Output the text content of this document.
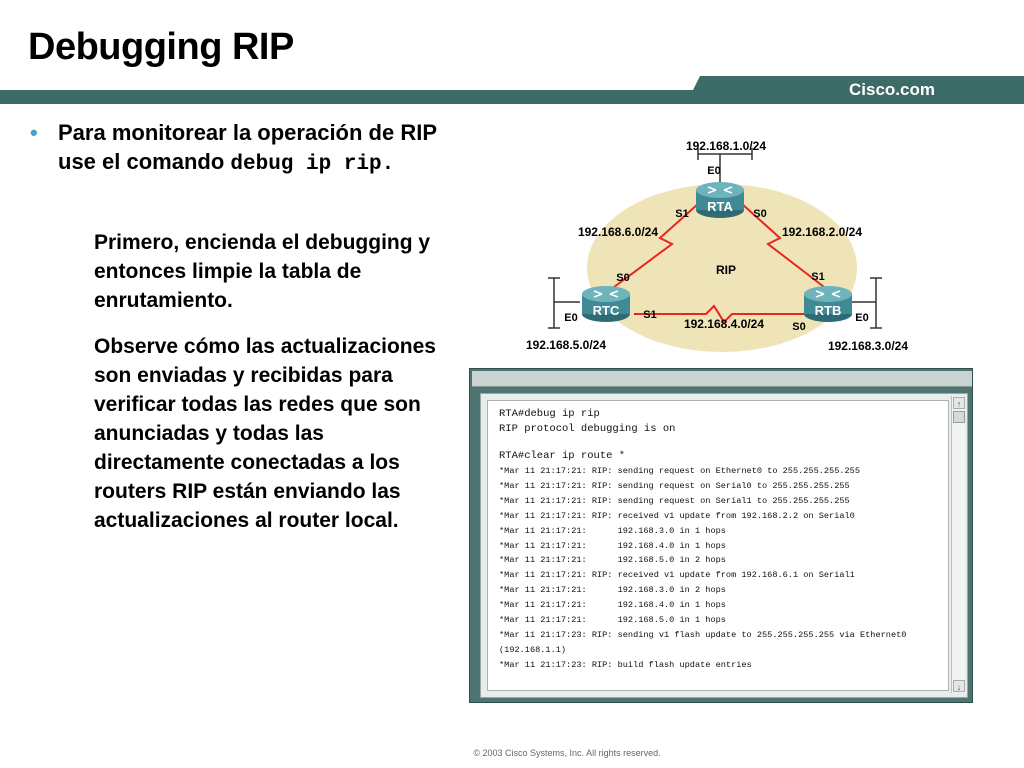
Debugging RIP
Cisco.com
• Para monitorear la operación de RIP use el comando debug ip rip.
Primero, encienda el debugging y entonces limpie la tabla de enrutamiento.
Observe cómo las actualizaciones son enviadas y recibidas para verificar todas las redes que son anunciadas y todas las directamente conectadas a los routers RIP están enviando las actualizaciones al router local.
RTA
RTC	RTB
E0
S1	S0
S0
S1
E0
S1
S0
E0
192.168.1.0/24
192.168.6.0/24	192.168.2.0/24
192.168.4.0/24
192.168.5.0/24	192.168.3.0/24
RIP
RTA#debug ip rip
RIP protocol debugging is on
RTA#clear ip route *
*Mar 11 21:17:21: RIP: sending request on Ethernet0 to 255.255.255.255
*Mar 11 21:17:21: RIP: sending request on Serial0 to 255.255.255.255
*Mar 11 21:17:21: RIP: sending request on Serial1 to 255.255.255.255
*Mar 11 21:17:21: RIP: received v1 update from 192.168.2.2 on Serial0
*Mar 11 21:17:21:      192.168.3.0 in 1 hops
*Mar 11 21:17:21:      192.168.4.0 in 1 hops
*Mar 11 21:17:21:      192.168.5.0 in 2 hops
*Mar 11 21:17:21: RIP: received v1 update from 192.168.6.1 on Serial1
*Mar 11 21:17:21:      192.168.3.0 in 2 hops
*Mar 11 21:17:21:      192.168.4.0 in 1 hops
*Mar 11 21:17:21:      192.168.5.0 in 1 hops
*Mar 11 21:17:23: RIP: sending v1 flash update to 255.255.255.255 via Ethernet0
(192.168.1.1)
*Mar 11 21:17:23: RIP: build flash update entries
↑
↓
© 2003 Cisco Systems, Inc. All rights reserved.
